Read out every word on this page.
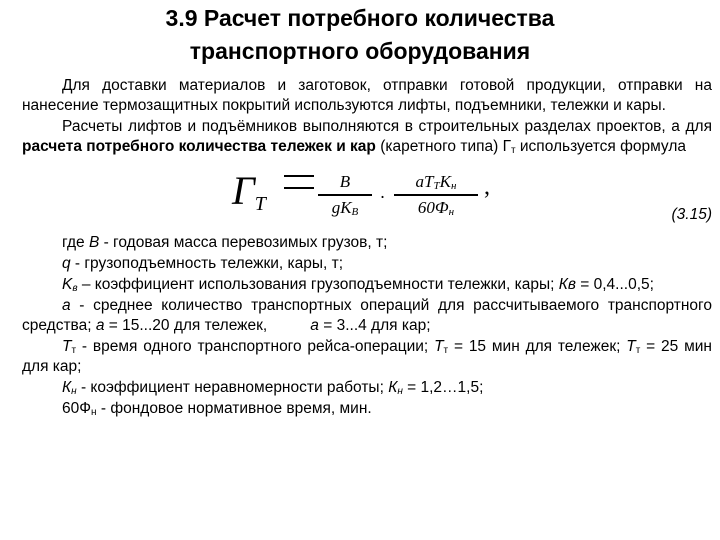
3.9 Расчет потребного количества
транспортного оборудования

Для доставки материалов и заготовок, отправки готовой продукции, отправки на нанесение термозащитных покрытий используются лифты, подъемники, тележки и кары.

Расчеты лифтов и подъёмников выполняются в строительных разделах проектов, а для расчета потребного количества тележек и кар (каретного типа) $Г_т$ используется формула

ГТ
B
$gK_B$
·
$aT_TK_н$
$60Ф_н$
,
(3.15)

где B - годовая масса перевозимых грузов, т;

q - грузоподъемность тележки, кары, т;

$K_в$ – коэффициент использования грузоподъемности тележки, кары; Кв = 0,4...0,5;

а - среднее количество транспортных операций для рассчитываемого транспортного средства; а = 15...20 для тележек,          а = 3...4 для кар;

$Т_т$ - время одного транспортного рейса-операции; $Т_т = 15$ мин для тележек; $Т_т = 25$ мин для кар;

$К_н$ - коэффициент неравномерности работы; $К_н$ = 1,2…1,5;

$60Ф_н$ - фондовое нормативное время, мин.
